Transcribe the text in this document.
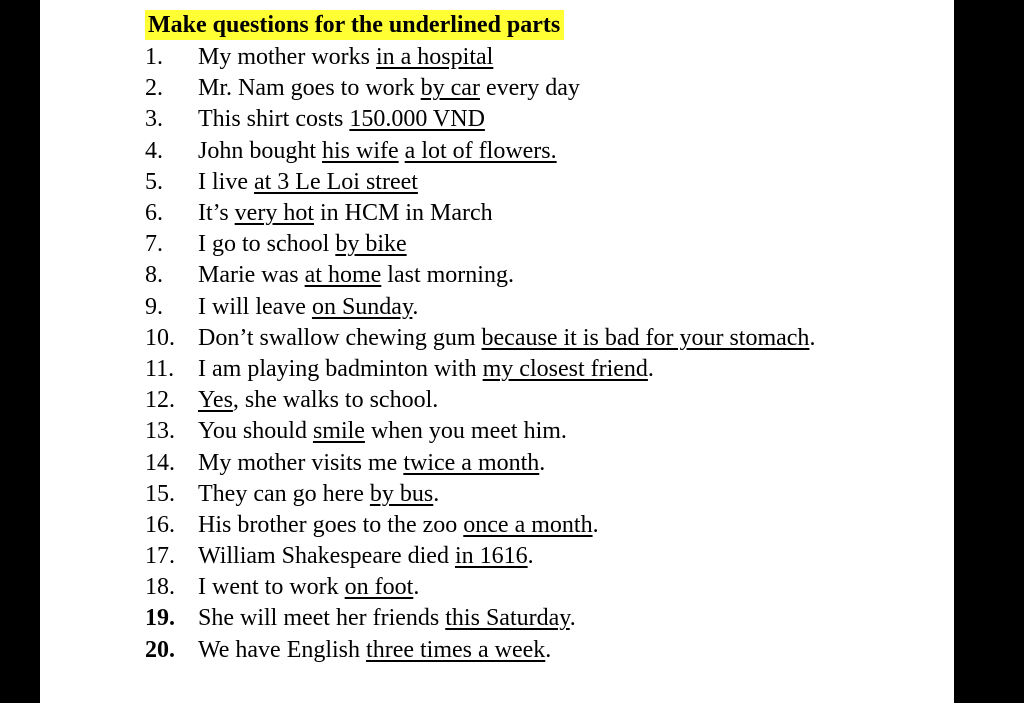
Make questions for the underlined parts
1.	My mother works in a hospital
2.	Mr. Nam goes to work by car every day
3.	This shirt costs 150.000 VND
4.	John bought his wife a lot of flowers.
5.	I live at 3 Le Loi street
6.	It’s very hot in HCM in March
7.	I go to school by bike
8.	Marie was at home last morning.
9.	I will leave on Sunday.
10. Don’t swallow chewing gum because it is bad for your stomach.
11. I am playing badminton with my closest friend.
12. Yes, she walks to school.
13. You should smile when you meet him.
14. My mother visits me twice a month.
15. They can go here by bus.
16. His brother goes to the zoo once a month.
17. William Shakespeare died in 1616.
18. I went to work on foot.
19. She will meet her friends this Saturday.
20. We have English three times a week.
